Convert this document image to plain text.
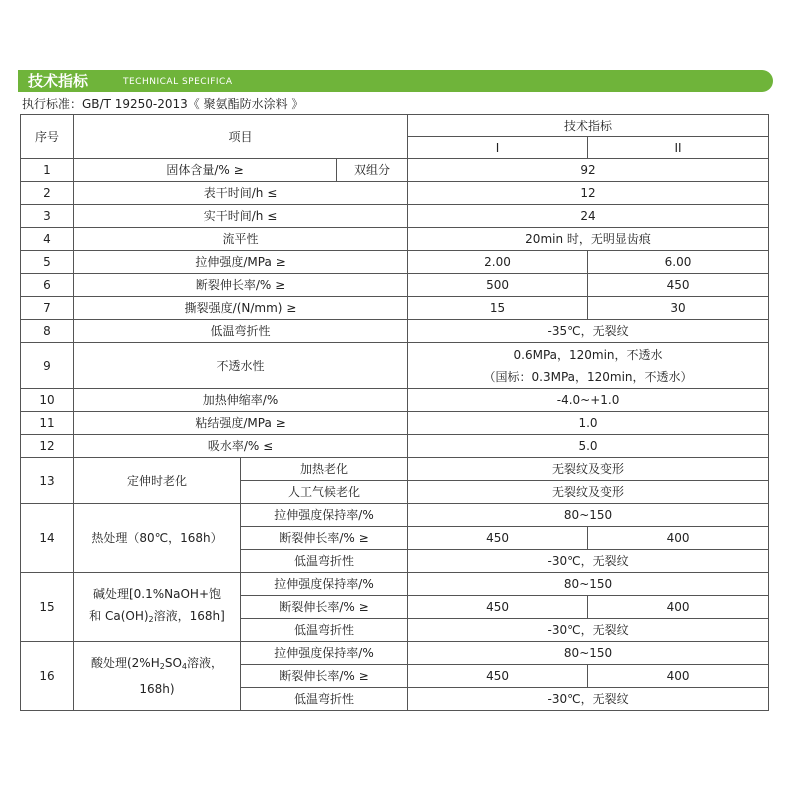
技术指标	TECHNICAL SPECIFICA
执行标准：GB/T 19250-2013《 聚氨酯防水涂料 》
序号	项目			技术指标	
				I	II
1	固体含量/% ≥		双组分	92	
2	表干时间/h ≤			12	
3	实干时间/h ≤			24	
4	流平性			20min 时，无明显齿痕	
5	拉伸强度/MPa ≥			2.00	6.00
6	断裂伸长率/% ≥			500	450
7	撕裂强度/(N/mm) ≥			15	30
8	低温弯折性			-35℃，无裂纹	
9	不透水性			0.6MPa，120min，不透水
（国标：0.3MPa，120min，不透水）	

10	加热伸缩率/%			-4.0~+1.0	
11	粘结强度/MPa ≥			1.0	
12	吸水率/% ≤			5.0	
13	定伸时老化	加热老化		无裂纹及变形	
		人工气候老化		无裂纹及变形	
14	热处理（80℃，168h）	拉伸强度保持率/%		80~150	
		断裂伸长率/% ≥		450	400
		低温弯折性		-30℃，无裂纹	
15	碱处理[0.1%NaOH+饱
和 $Ca(OH)_2$溶液，168h]	拉伸强度保持率/%		80~150	
		断裂伸长率/% ≥		450	400
		低温弯折性		-30℃，无裂纹	
16	酸处理($2\%H_2SO_4$溶液，
168h)	拉伸强度保持率/%		80~150	
		断裂伸长率/% ≥		450	400
		低温弯折性		-30℃，无裂纹	
